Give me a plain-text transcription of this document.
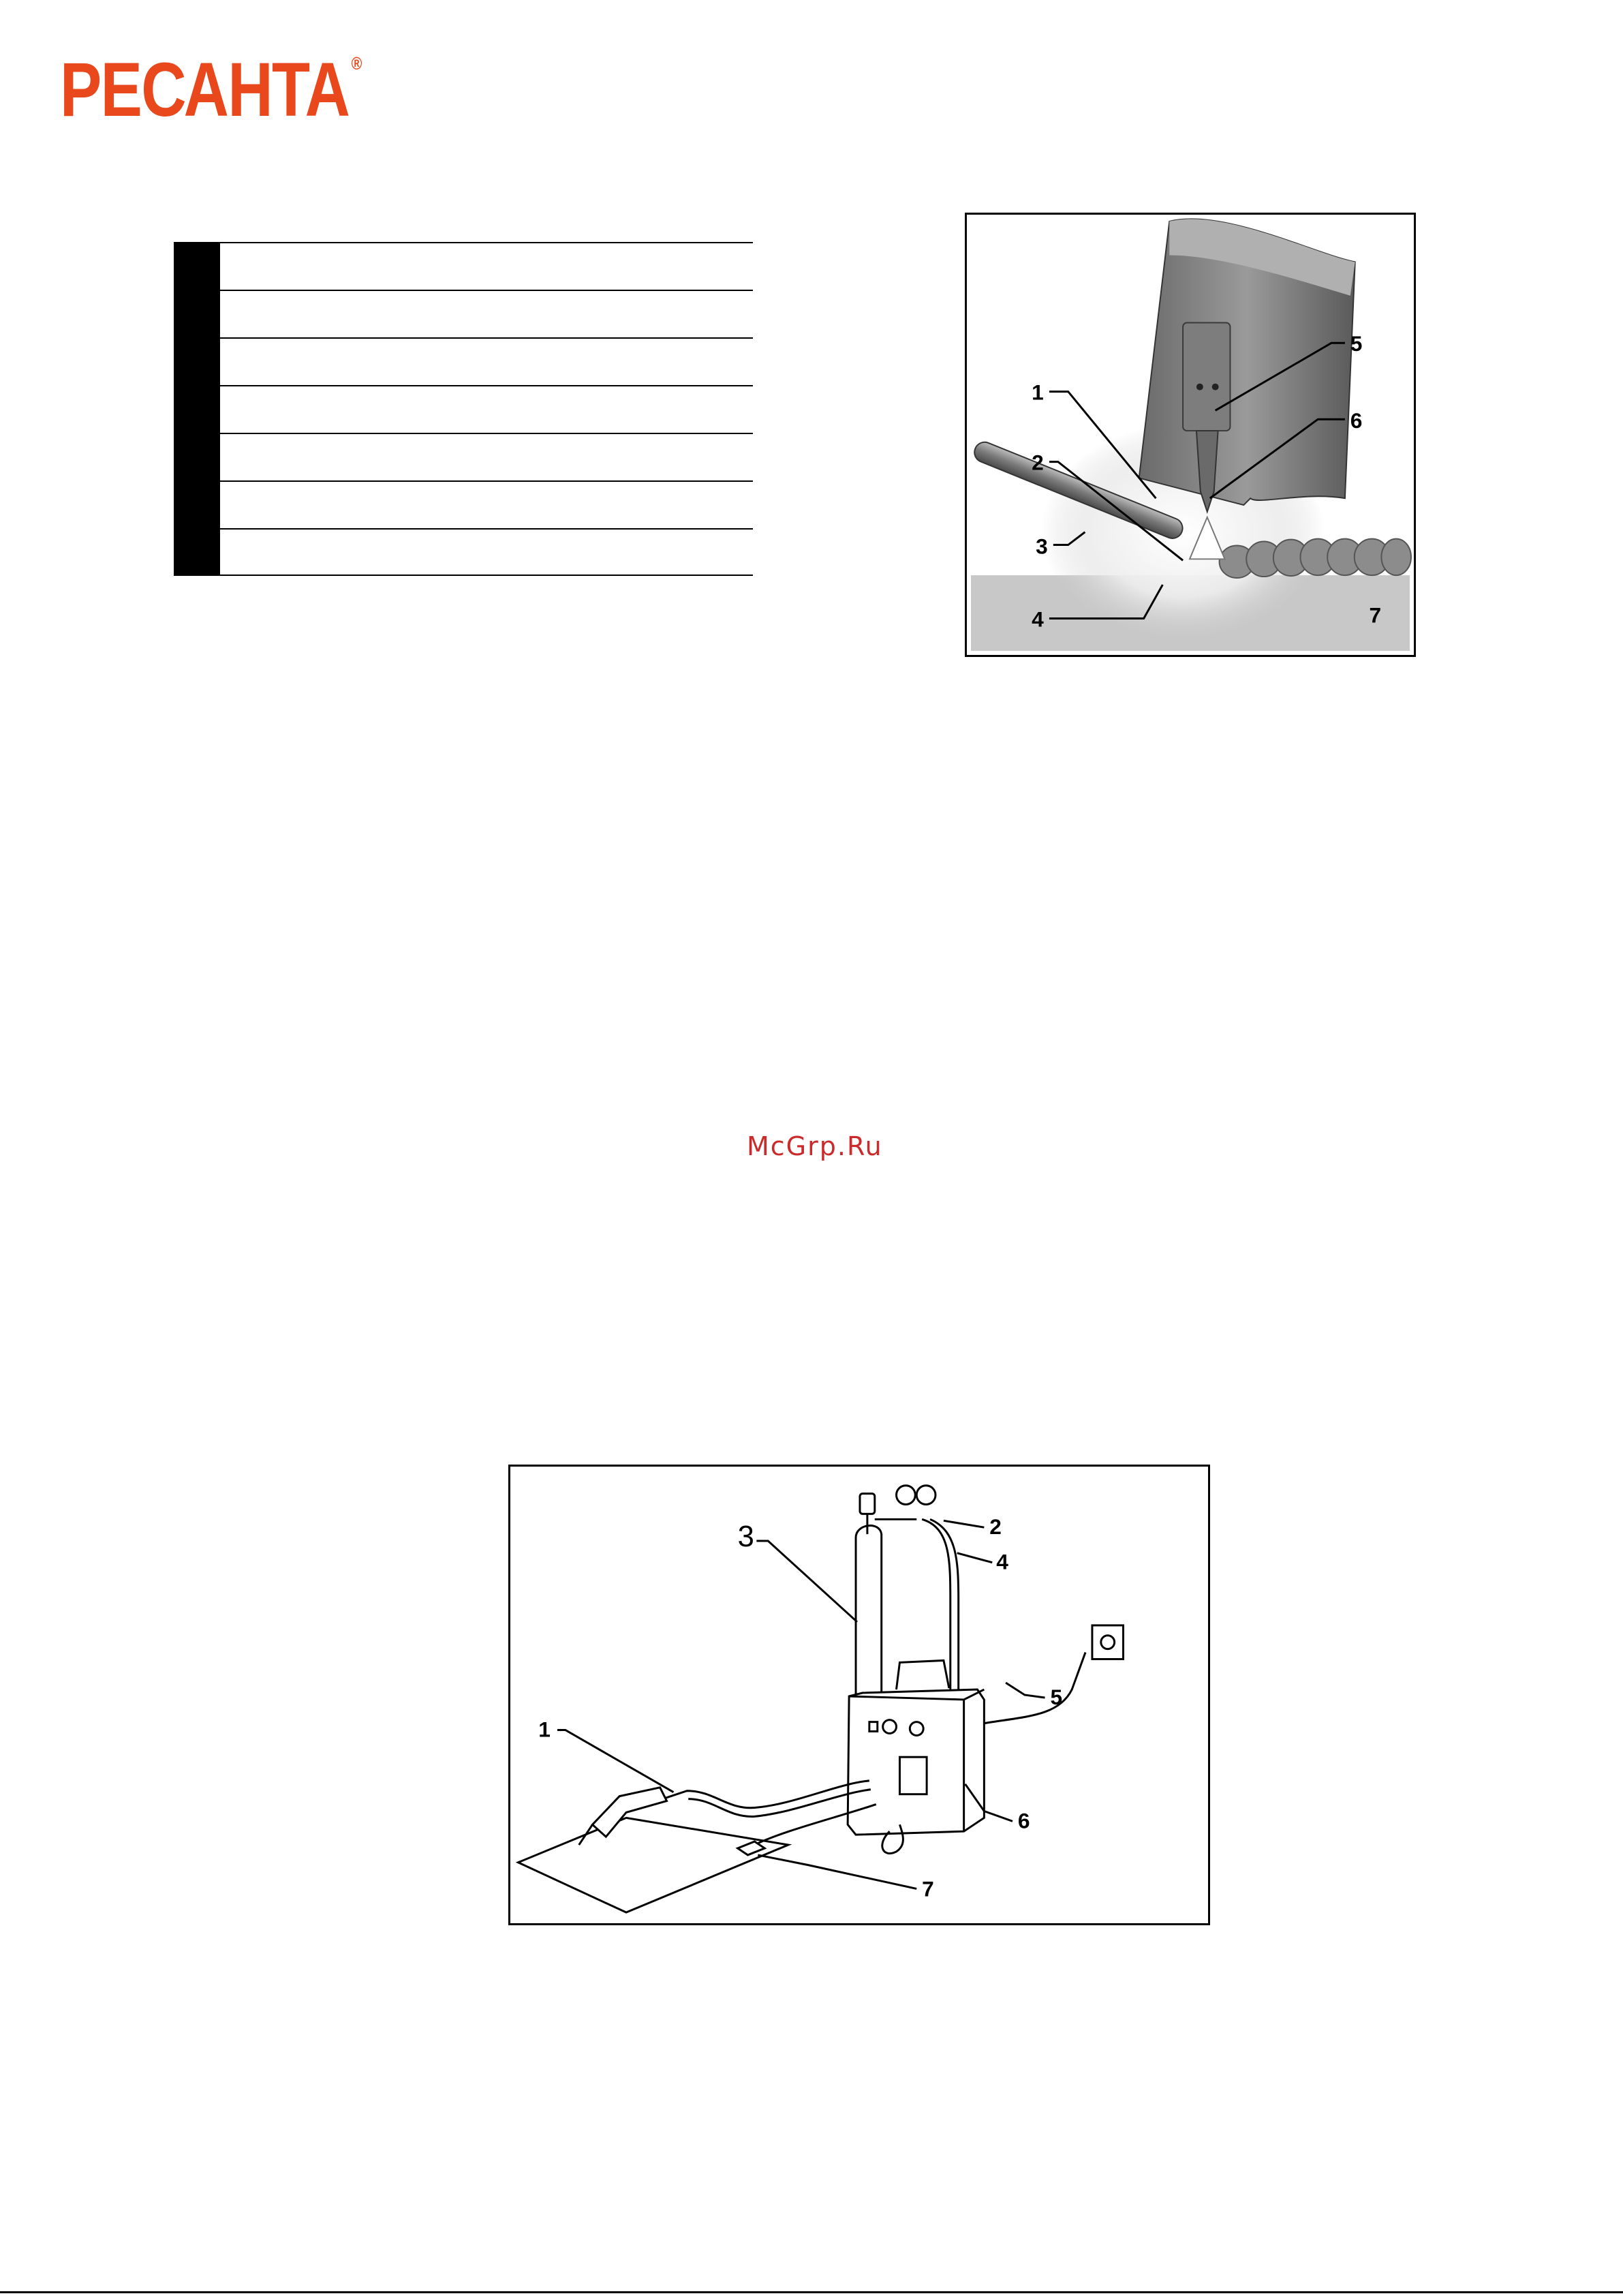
РЕСАНТА ®
1
2
3
4
5
6
7
McGrp.Ru
1
2
3
4
5
6
7
